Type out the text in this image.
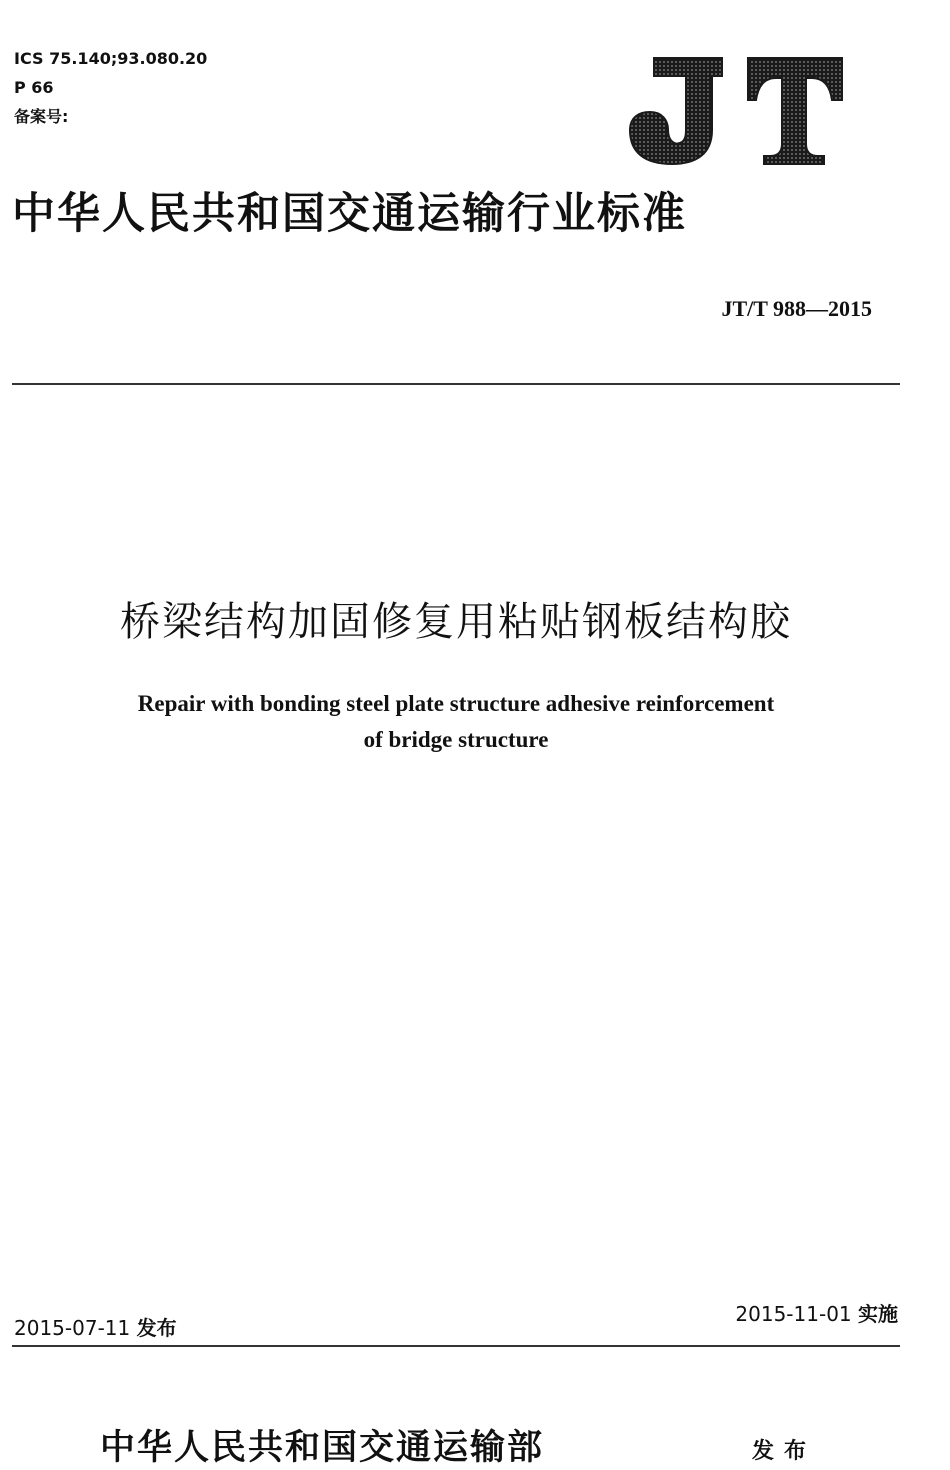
ICS 75.140;93.080.20
P 66
备案号:
中华人民共和国交通运输行业标准
JT/T 988—2015
桥梁结构加固修复用粘贴钢板结构胶
Repair with bonding steel plate structure adhesive reinforcement
of bridge structure
2015-07-11 发布
2015-11-01 实施
中华人民共和国交通运输部	发布
